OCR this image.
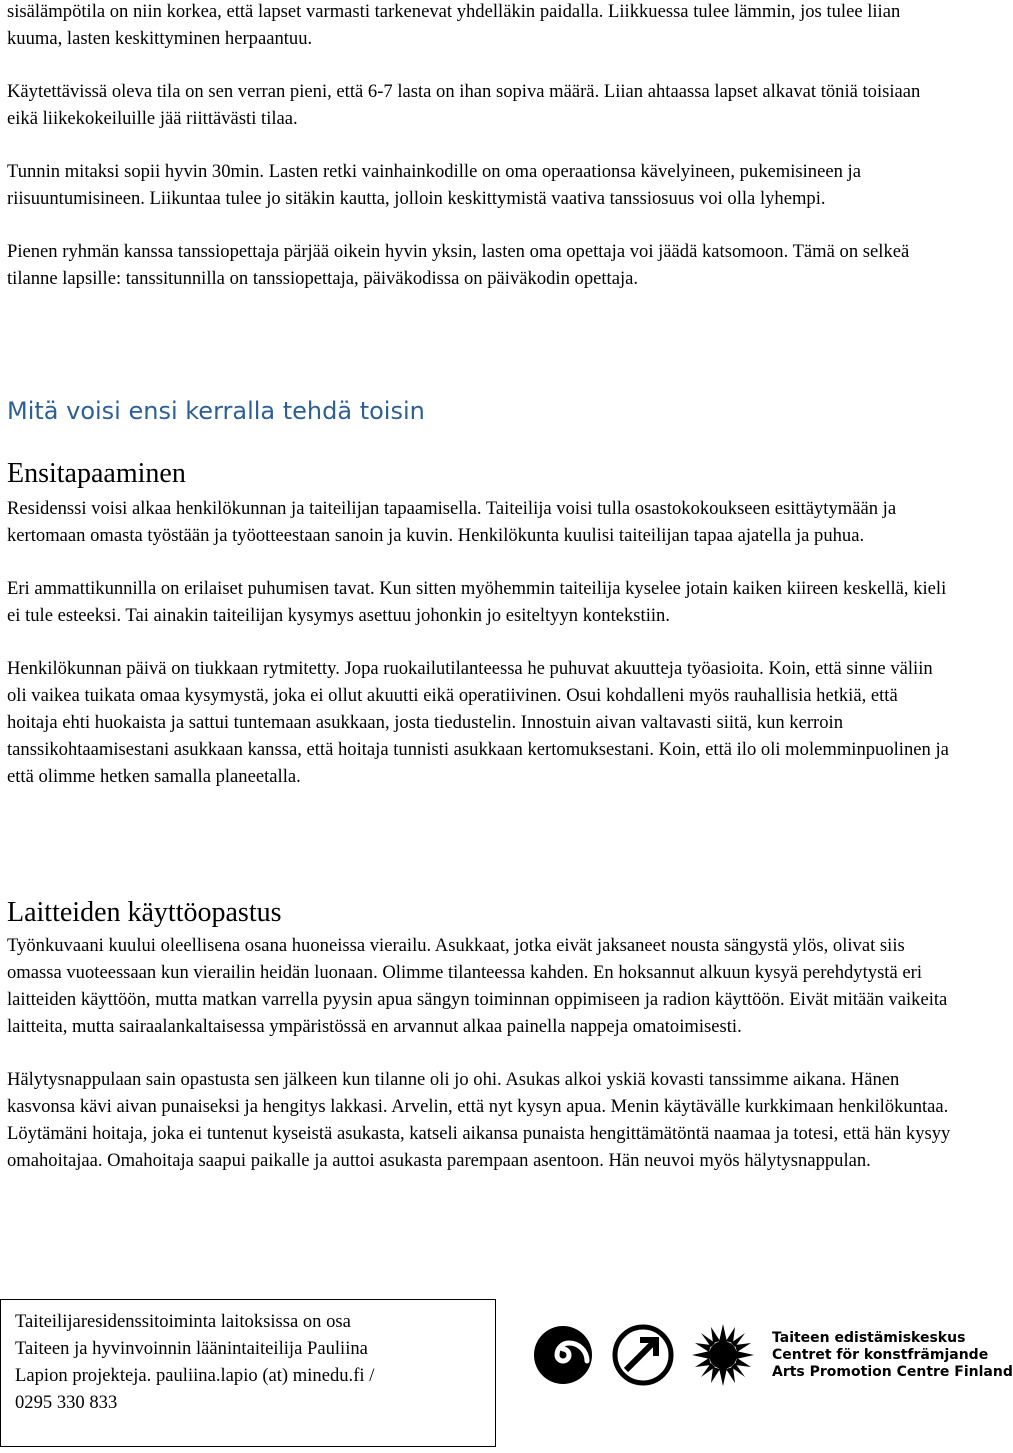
sisälämpötila on niin korkea, että lapset varmasti tarkenevat yhdelläkin paidalla. Liikkuessa tulee lämmin, jos tulee liian kuuma, lasten keskittyminen herpaantuu.

Käytettävissä oleva tila on sen verran pieni, että 6-7 lasta on ihan sopiva määrä. Liian ahtaassa lapset alkavat töniä toisiaan eikä liikekokeiluille jää riittävästi tilaa.

Tunnin mitaksi sopii hyvin 30min. Lasten retki vainhainkodille on oma operaationsa kävelyineen, pukemisineen ja riisuuntumisineen. Liikuntaa tulee jo sitäkin kautta, jolloin keskittymistä vaativa tanssiosuus voi olla lyhempi.

Pienen ryhmän kanssa tanssiopettaja pärjää oikein hyvin yksin, lasten oma opettaja voi jäädä katsomoon. Tämä on selkeä tilanne lapsille: tanssitunnilla on tanssiopettaja, päiväkodissa on päiväkodin opettaja.

Mitä voisi ensi kerralla tehdä toisin
Ensitapaaminen

Residenssi voisi alkaa henkilökunnan ja taiteilijan tapaamisella. Taiteilija voisi tulla osastokokoukseen esittäytymään ja kertomaan omasta työstään ja työotteestaan sanoin ja kuvin. Henkilökunta kuulisi taiteilijan tapaa ajatella ja puhua.

Eri ammattikunnilla on erilaiset puhumisen tavat. Kun sitten myöhemmin taiteilija kyselee jotain kaiken kiireen keskellä, kieli ei tule esteeksi. Tai ainakin taiteilijan kysymys asettuu johonkin jo esiteltyyn kontekstiin.

Henkilökunnan päivä on tiukkaan rytmitetty. Jopa ruokailutilanteessa he puhuvat akuutteja työasioita. Koin, että sinne väliin oli vaikea tuikata omaa kysymystä, joka ei ollut akuutti eikä operatiivinen. Osui kohdalleni myös rauhallisia hetkiä, että hoitaja ehti huokaista ja sattui tuntemaan asukkaan, josta tiedustelin. Innostuin aivan valtavasti siitä, kun kerroin tanssikohtaamisestani asukkaan kanssa, että hoitaja tunnisti asukkaan kertomuksestani. Koin, että ilo oli molemminpuolinen ja että olimme hetken samalla planeetalla.

Laitteiden käyttöopastus

Työnkuvaani kuului oleellisena osana huoneissa vierailu. Asukkaat, jotka eivät jaksaneet nousta sängystä ylös, olivat siis omassa vuoteessaan kun vierailin heidän luonaan. Olimme tilanteessa kahden. En hoksannut alkuun kysyä perehdytystä eri laitteiden käyttöön, mutta matkan varrella pyysin apua sängyn toiminnan oppimiseen ja radion käyttöön. Eivät mitään vaikeita laitteita, mutta sairaalankaltaisessa ympäristössä en arvannut alkaa painella nappeja omatoimisesti.

Hälytysnappulaan sain opastusta sen jälkeen kun tilanne oli jo ohi. Asukas alkoi yskiä kovasti tanssimme aikana. Hänen kasvonsa kävi aivan punaiseksi ja hengitys lakkasi. Arvelin, että nyt kysyn apua. Menin käytävälle kurkkimaan henkilökuntaa. Löytämäni hoitaja, joka ei tuntenut kyseistä asukasta, katseli aikansa punaista hengittämätöntä naamaa ja totesi, että hän kysyy omahoitajaa. Omahoitaja saapui paikalle ja auttoi asukasta parempaan asentoon. Hän neuvoi myös hälytysnappulan.

Taiteilijaresidenssitoiminta laitoksissa on osa

Taiteen ja hyvinvoinnin läänintaiteilija Pauliina

Lapion projekteja. pauliina.lapio (at) minedu.fi /

0295 330 833

Taiteen edistämiskeskus
Centret för konstfrämjande
Arts Promotion Centre Finland
